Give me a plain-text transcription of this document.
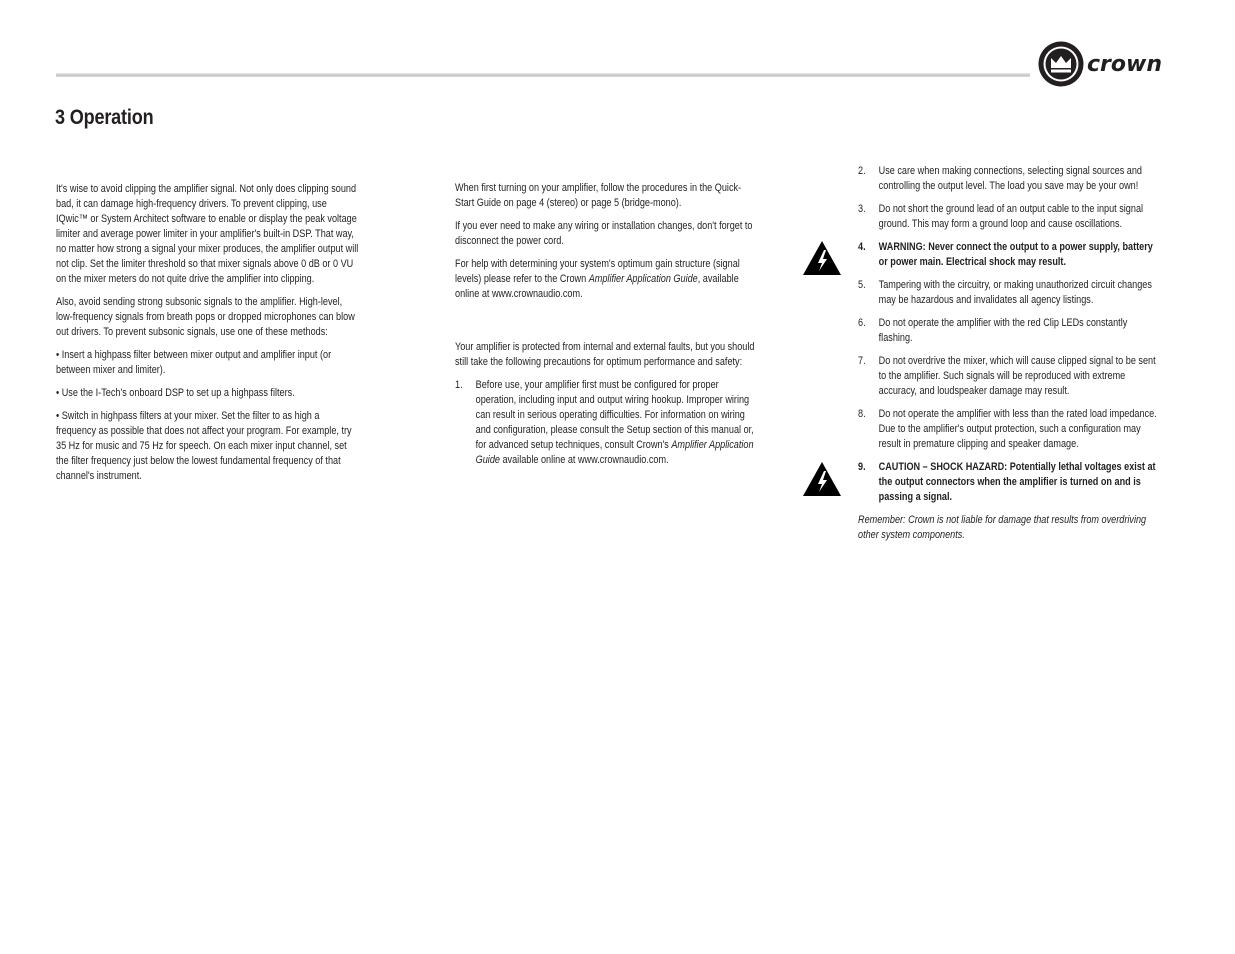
crown
3 Operation

It's wise to avoid clipping the amplifier signal. Not only does clipping sound bad, it can damage high-frequency drivers. To prevent clipping, use IQwic™ or System Architect software to enable or display the peak voltage limiter and average power limiter in your amplifier's built-in DSP. That way, no matter how strong a signal your mixer produces, the amplifier output will not clip. Set the limiter threshold so that mixer signals above 0 dB or 0 VU on the mixer meters do not quite drive the amplifier into clipping.

Also, avoid sending strong subsonic signals to the amplifier. High-level, low-frequency signals from breath pops or dropped microphones can blow out drivers. To prevent subsonic signals, use one of these methods:

• Insert a highpass filter between mixer output and amplifier input (or between mixer and limiter).

• Use the I-Tech's onboard DSP to set up a highpass filters.

• Switch in highpass filters at your mixer. Set the filter to as high a frequency as possible that does not affect your program. For example, try 35 Hz for music and 75 Hz for speech. On each mixer input channel, set the filter frequency just below the lowest fundamental frequency of that channel's instrument.

When first turning on your amplifier, follow the procedures in the Quick-Start Guide on page 4 (stereo) or page 5 (bridge-mono).

If you ever need to make any wiring or installation changes, don't forget to disconnect the power cord.

For help with determining your system's optimum gain structure (signal levels) please refer to the Crown Amplifier Application Guide, available online at www.crownaudio.com.

Your amplifier is protected from internal and external faults, but you should still take the following precautions for optimum performance and safety:

1. Before use, your amplifier first must be configured for proper operation, including input and output wiring hookup. Improper wiring can result in serious operating difficulties. For information on wiring and configuration, please consult the Setup section of this manual or, for advanced setup techniques, consult Crown's Amplifier Application Guide available online at www.crownaudio.com.
2. Use care when making connections, selecting signal sources and controlling the output level. The load you save may be your own!
3. Do not short the ground lead of an output cable to the input signal ground. This may form a ground loop and cause oscillations.
4. WARNING: Never connect the output to a power supply, battery or power main. Electrical shock may result.
5. Tampering with the circuitry, or making unauthorized circuit changes may be hazardous and invalidates all agency listings.
6. Do not operate the amplifier with the red Clip LEDs constantly flashing.
7. Do not overdrive the mixer, which will cause clipped signal to be sent to the amplifier. Such signals will be reproduced with extreme accuracy, and loudspeaker damage may result.
8. Do not operate the amplifier with less than the rated load impedance. Due to the amplifier's output protection, such a configuration may result in premature clipping and speaker damage.
9. CAUTION – SHOCK HAZARD: Potentially lethal voltages exist at the output connectors when the amplifier is turned on and is passing a signal.

Remember: Crown is not liable for damage that results from overdriving other system components.
